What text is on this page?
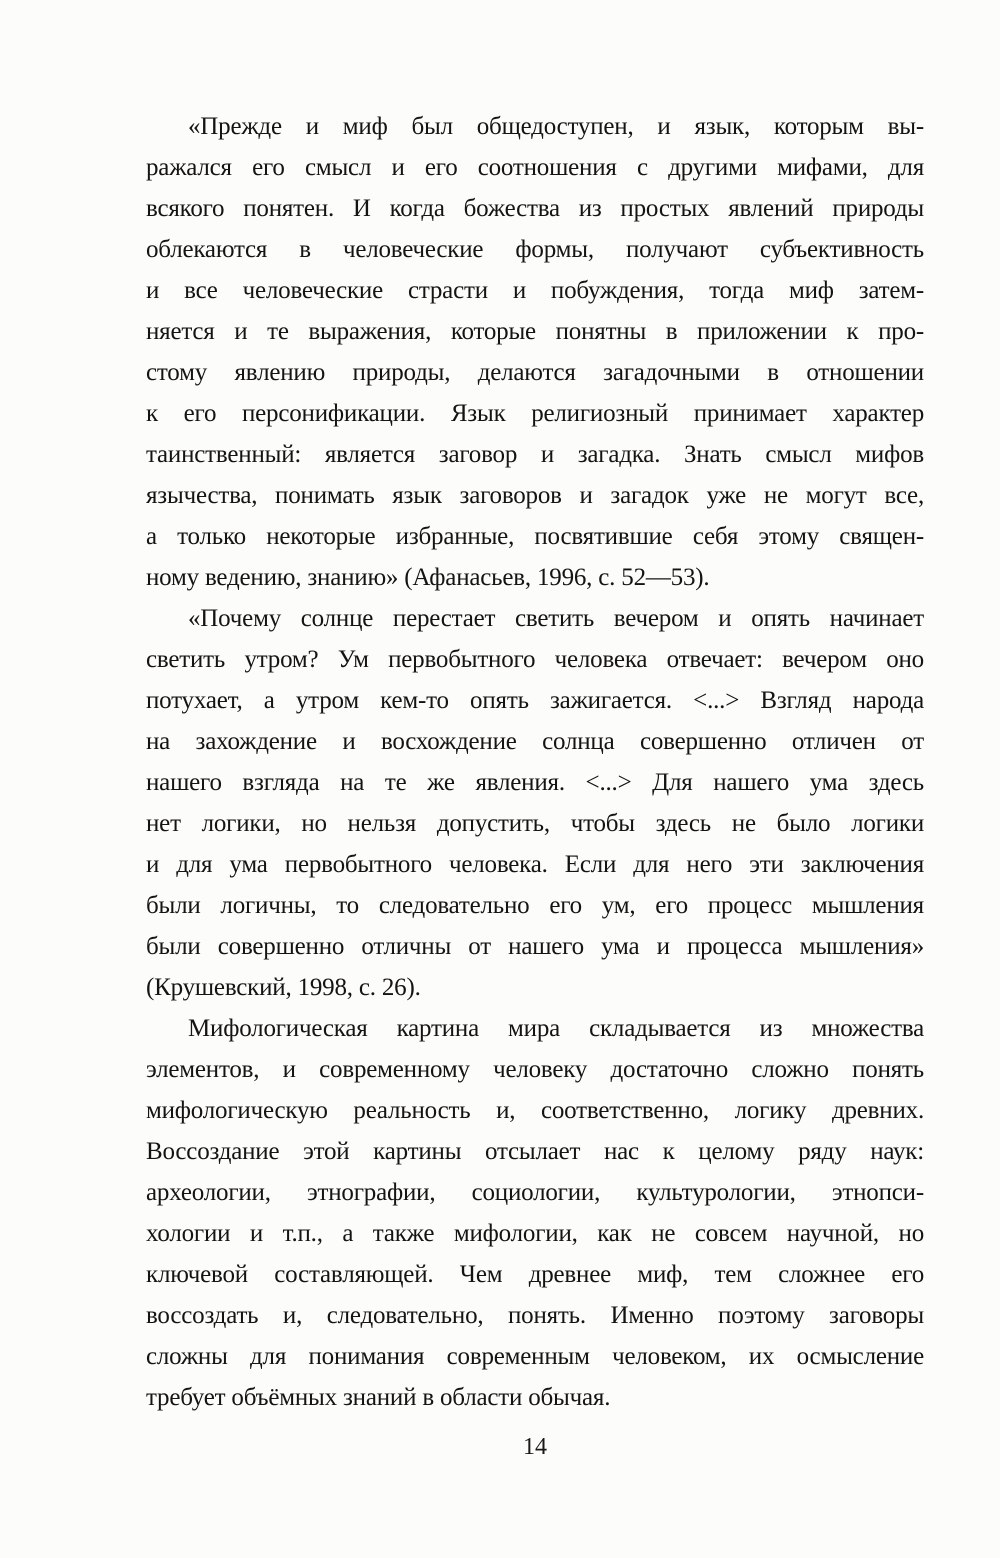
«Прежде и миф был общедоступен, и язык, которым вы-
ражался его смысл и его соотношения с другими мифами, для
всякого понятен. И когда божества из простых явлений природы
облекаются в человеческие формы, получают субъективность
и все человеческие страсти и побуждения, тогда миф затем-
няется и те выражения, которые понятны в приложении к про-
стому явлению природы, делаются загадочными в отношении
к его персонификации. Язык религиозный принимает характер
таинственный: является заговор и загадка. Знать смысл мифов
язычества, понимать язык заговоров и загадок уже не могут все,
а только некоторые избранные, посвятившие себя этому священ-
ному ведению, знанию» (Афанасьев, 1996, с. 52—53).
«Почему солнце перестает светить вечером и опять начинает
светить утром? Ум первобытного человека отвечает: вечером оно
потухает, а утром кем-то опять зажигается. <...> Взгляд народа
на захождение и восхождение солнца совершенно отличен от
нашего взгляда на те же явления. <...> Для нашего ума здесь
нет логики, но нельзя допустить, чтобы здесь не было логики
и для ума первобытного человека. Если для него эти заключения
были логичны, то следовательно его ум, его процесс мышления
были совершенно отличны от нашего ума и процесса мышления»
(Крушевский, 1998, с. 26).
Мифологическая картина мира складывается из множества
элементов, и современному человеку достаточно сложно понять
мифологическую реальность и, соответственно, логику древних.
Воссоздание этой картины отсылает нас к целому ряду наук:
археологии, этнографии, социологии, культурологии, этнопси-
хологии и т.п., а также мифологии, как не совсем научной, но
ключевой составляющей. Чем древнее миф, тем сложнее его
воссоздать и, следовательно, понять. Именно поэтому заговоры
сложны для понимания современным человеком, их осмысление
требует объёмных знаний в области обычая.
14
